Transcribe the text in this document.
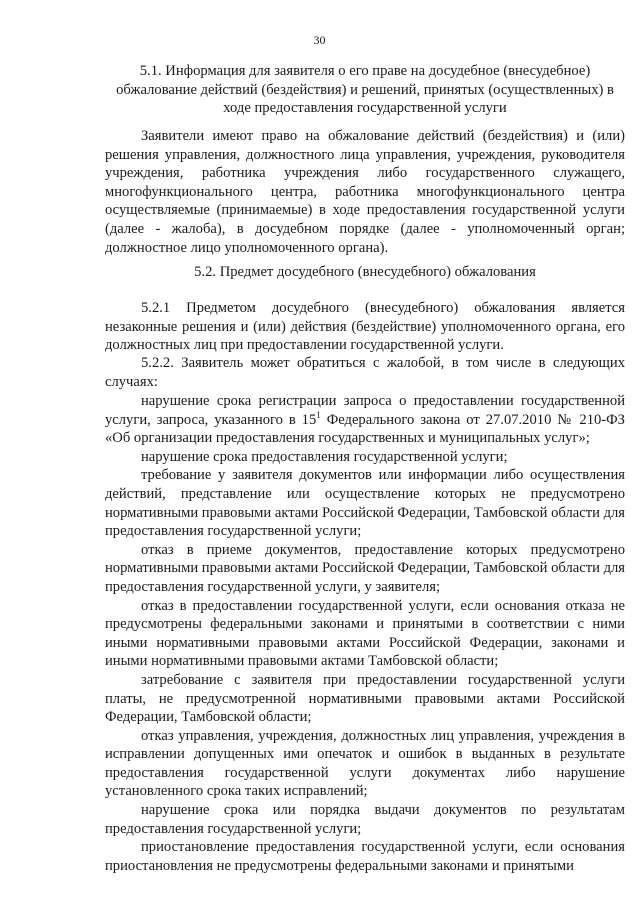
30
5.1. Информация для заявителя о его праве на досудебное (внесудебное)
обжалование действий (бездействия) и решений, принятых (осуществленных) в
ходе предоставления государственной услуги

Заявители имеют право на обжалование действий (бездействия) и (или) решения управления, должностного лица управления, учреждения, руководителя учреждения, работника учреждения либо государственного служащего, многофункционального центра, работника многофункционального центра осуществляемые (принимаемые) в ходе предоставления государственной услуги (далее - жалоба), в досудебном порядке (далее - уполномоченный орган; должностное лицо уполномоченного органа).

5.2. Предмет досудебного (внесудебного) обжалования

5.2.1 Предметом досудебного (внесудебного) обжалования является незаконные решения и (или) действия (бездействие) уполномоченного органа, его должностных лиц при предоставлении государственной услуги.

5.2.2. Заявитель может обратиться с жалобой, в том числе в следующих случаях:

нарушение срока регистрации запроса о предоставлении государственной услуги, запроса, указанного в $15^1$ Федерального закона от 27.07.2010 № 210-ФЗ «Об организации предоставления государственных и муниципальных услуг»;

нарушение срока предоставления государственной услуги;

требование у заявителя документов или информации либо осуществления действий, представление или осуществление которых не предусмотрено нормативными правовыми актами Российской Федерации, Тамбовской области для предоставления государственной услуги;

отказ в приеме документов, предоставление которых предусмотрено нормативными правовыми актами Российской Федерации, Тамбовской области для предоставления государственной услуги, у заявителя;

отказ в предоставлении государственной услуги, если основания отказа не предусмотрены федеральными законами и принятыми в соответствии с ними иными нормативными правовыми актами Российской Федерации, законами и иными нормативными правовыми актами Тамбовской области;

затребование с заявителя при предоставлении государственной услуги платы, не предусмотренной нормативными правовыми актами Российской Федерации, Тамбовской области;

отказ управления, учреждения, должностных лиц управления, учреждения в исправлении допущенных ими опечаток и ошибок в выданных в результате предоставления государственной услуги документах либо нарушение установленного срока таких исправлений;

нарушение срока или порядка выдачи документов по результатам предоставления государственной услуги;

приостановление предоставления государственной услуги, если основания приостановления не предусмотрены федеральными законами и принятыми
